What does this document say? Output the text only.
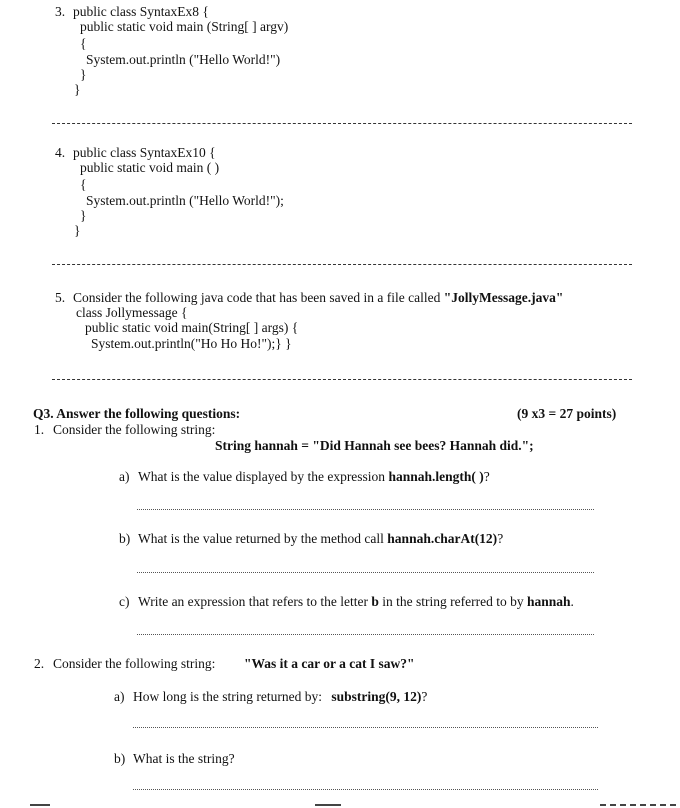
3. public class SyntaxEx8 {
public static void main (String[ ] argv)
{
System.out.println ("Hello World!")
}
}
4. public class SyntaxEx10 {
public static void main ( )
{
System.out.println ("Hello World!");
}
}
5. Consider the following java code that has been saved in a file called "JollyMessage.java"
class Jollymessage {
public static void main(String[ ] args) {
System.out.println("Ho Ho Ho!");} }
Q3. Answer the following questions:	(9 x3 = 27 points)
1. Consider the following string:
String hannah = "Did Hannah see bees? Hannah did.";
a) What is the value displayed by the expression hannah.length( )?
b) What is the value returned by the method call hannah.charAt(12)?
c) Write an expression that refers to the letter b in the string referred to by hannah.
2. Consider the following string: "Was it a car or a cat I saw?"
a) How long is the string returned by: substring(9, 12)?
b) What is the string?
